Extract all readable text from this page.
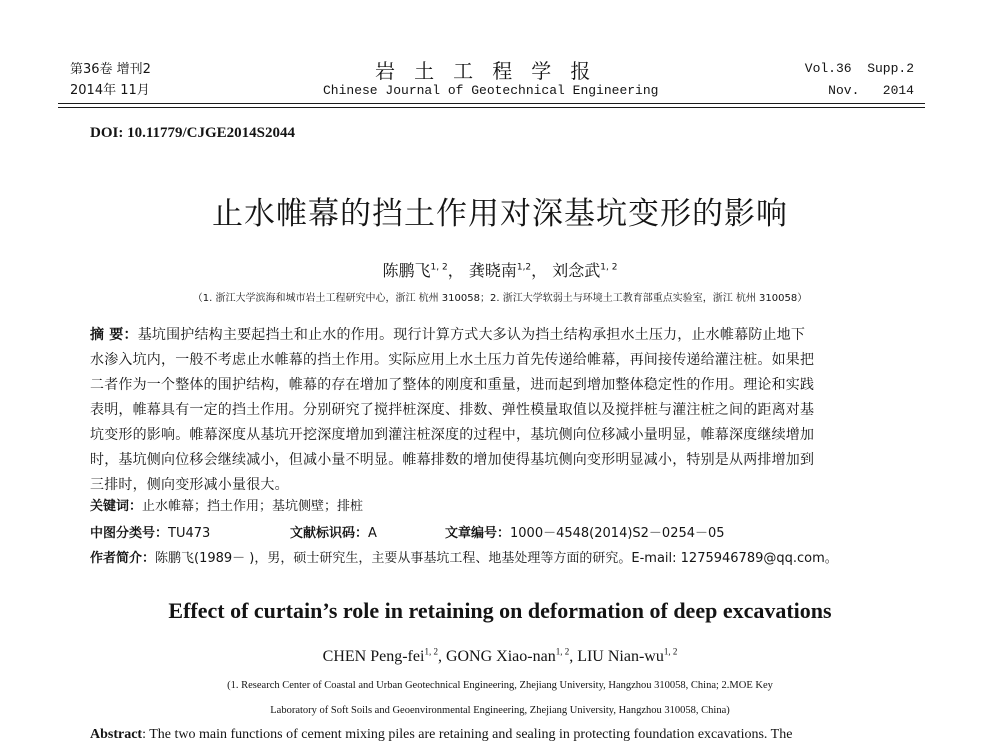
第36卷 增刊2
2014年 11月
岩   土   工   程   学   报
Chinese Journal of Geotechnical Engineering
Vol.36  Supp.2
Nov.   2014
DOI: 10.11779/CJGE2014S2044
止水帷幕的挡土作用对深基坑变形的影响
陈鹏飞$^{1, 2}$， 龚晓南$^{1,2}$， 刘念武$^{1, 2}$
（1. 浙江大学滨海和城市岩土工程研究中心，浙江 杭州 310058；2. 浙江大学软弱土与环境土工教育部重点实验室，浙江 杭州 310058）
摘 要：基坑围护结构主要起挡土和止水的作用。现行计算方式大多认为挡土结构承担水土压力，止水帷幕防止地下
水渗入坑内，一般不考虑止水帷幕的挡土作用。实际应用上水土压力首先传递给帷幕，再间接传递给灌注桩。如果把
二者作为一个整体的围护结构，帷幕的存在增加了整体的刚度和重量，进而起到增加整体稳定性的作用。理论和实践
表明，帷幕具有一定的挡土作用。分别研究了搅拌桩深度、排数、弹性模量取值以及搅拌桩与灌注桩之间的距离对基
坑变形的影响。帷幕深度从基坑开挖深度增加到灌注桩深度的过程中，基坑侧向位移减小量明显，帷幕深度继续增加
时，基坑侧向位移会继续减小，但减小量不明显。帷幕排数的增加使得基坑侧向变形明显减小，特别是从两排增加到
三排时，侧向变形减小量很大。
关键词：止水帷幕；挡土作用；基坑侧壁；排桩
中图分类号：TU473	文献标识码：A	文章编号：1000－4548(2014)S2－0254－05
作者简介：陈鹏飞(1989－ )，男，硕士研究生，主要从事基坑工程、地基处理等方面的研究。E-mail: 1275946789@qq.com。
Effect of curtain’s role in retaining on deformation of deep excavations
CHEN Peng-fei$^{1, 2}$, GONG Xiao-nan$^{1, 2}$, LIU Nian-wu$^{1, 2}$
(1. Research Center of Coastal and Urban Geotechnical Engineering, Zhejiang University, Hangzhou 310058, China; 2.MOE Key
Laboratory of Soft Soils and Geoenvironmental Engineering, Zhejiang University, Hangzhou 310058, China)
Abstract: The two main functions of cement mixing piles are retaining and sealing in protecting foundation excavations. The
